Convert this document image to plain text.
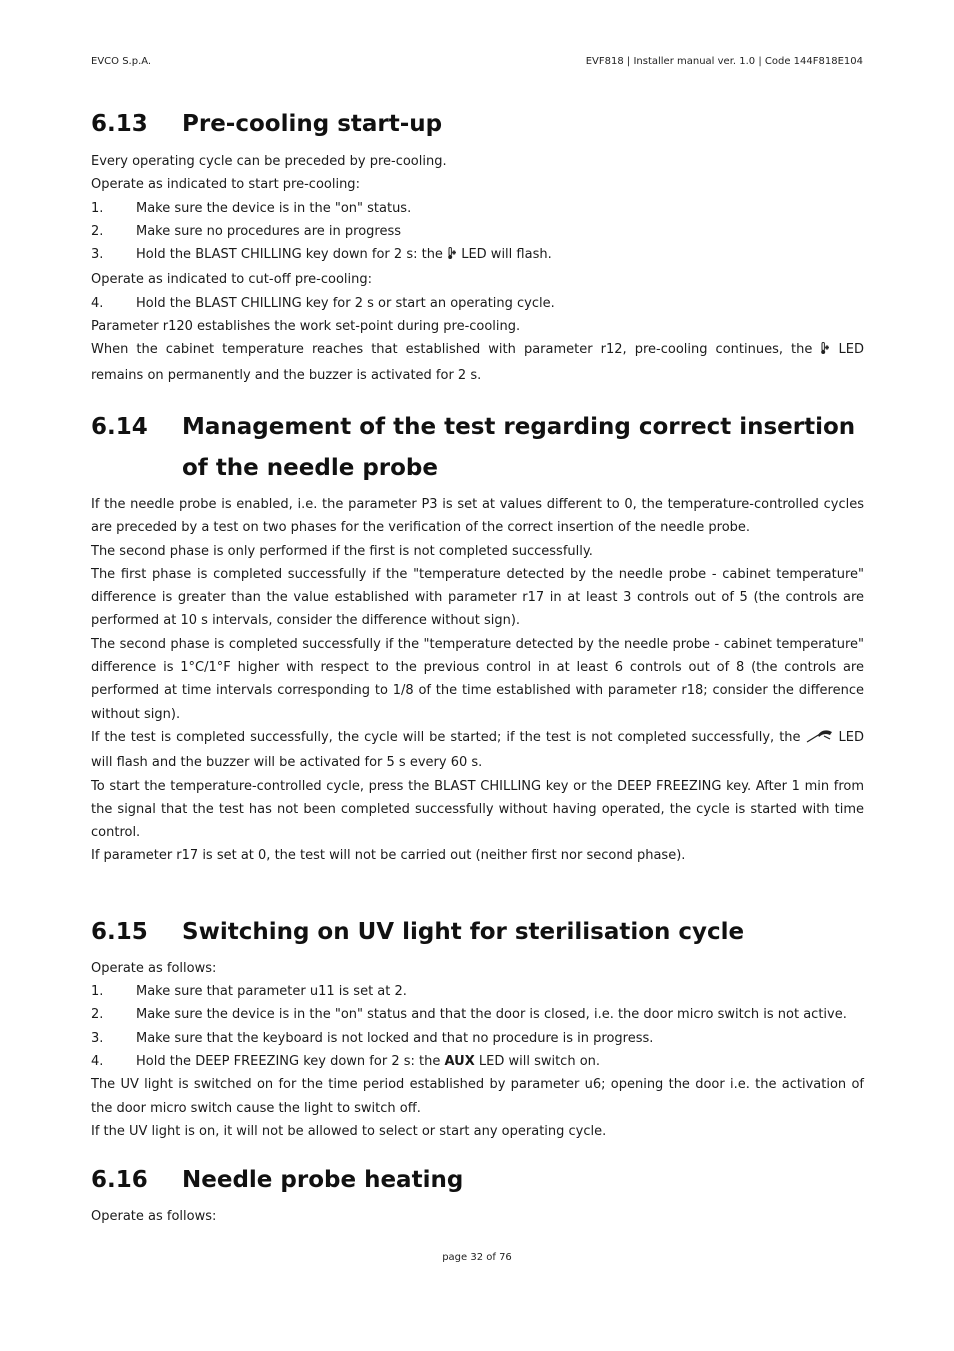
EVCO S.p.A.	EVF818 | Installer manual ver. 1.0 | Code 144F818E104
6.13	Pre-cooling start-up

Every operating cycle can be preceded by pre-cooling.

Operate as indicated to start pre-cooling:

1.	Make sure the device is in the "on" status.
2.	Make sure no procedures are in progress
3.	Hold the BLAST CHILLING key down for 2 s: the  LED will flash.

Operate as indicated to cut-off pre-cooling:

4.	Hold the BLAST CHILLING key for 2 s or start an operating cycle.

Parameter r120 establishes the work set-point during pre-cooling.

When the cabinet temperature reaches that established with parameter r12, pre-cooling continues, the  LED remains on permanently and the buzzer is activated for 2 s.

6.14	Management of the test regarding correct insertion of the needle probe

If the needle probe is enabled, i.e. the parameter P3 is set at values different to 0, the temperature-controlled cycles are preceded by a test on two phases for the verification of the correct insertion of the needle probe.

The second phase is only performed if the first is not completed successfully.

The first phase is completed successfully if the "temperature detected by the needle probe - cabinet temperature" difference is greater than the value established with parameter r17 in at least 3 controls out of 5 (the controls are performed at 10 s intervals, consider the difference without sign).

The second phase is completed successfully if the "temperature detected by the needle probe - cabinet temperature" difference is 1°C/1°F higher with respect to the previous control in at least 6 controls out of 8 (the controls are performed at time intervals corresponding to 1/8 of the time established with parameter r18; consider the difference without sign).

If the test is completed successfully, the cycle will be started; if the test is not completed successfully, the  LED will flash and the buzzer will be activated for 5 s every 60 s.

To start the temperature-controlled cycle, press the BLAST CHILLING key or the DEEP FREEZING key. After 1 min from the signal that the test has not been completed successfully without having operated, the cycle is started with time control.

If parameter r17 is set at 0, the test will not be carried out (neither first nor second phase).

6.15	Switching on UV light for sterilisation cycle

Operate as follows:

1.	Make sure that parameter u11 is set at 2.
2.	Make sure the device is in the "on" status and that the door is closed, i.e. the door micro switch is not active.
3.	Make sure that the keyboard is not locked and that no procedure is in progress.
4.	Hold the DEEP FREEZING key down for 2 s: the AUX LED will switch on.

The UV light is switched on for the time period established by parameter u6; opening the door i.e. the activation of the door micro switch cause the light to switch off.

If the UV light is on, it will not be allowed to select or start any operating cycle.

6.16	Needle probe heating

Operate as follows:

page 32 of 76
